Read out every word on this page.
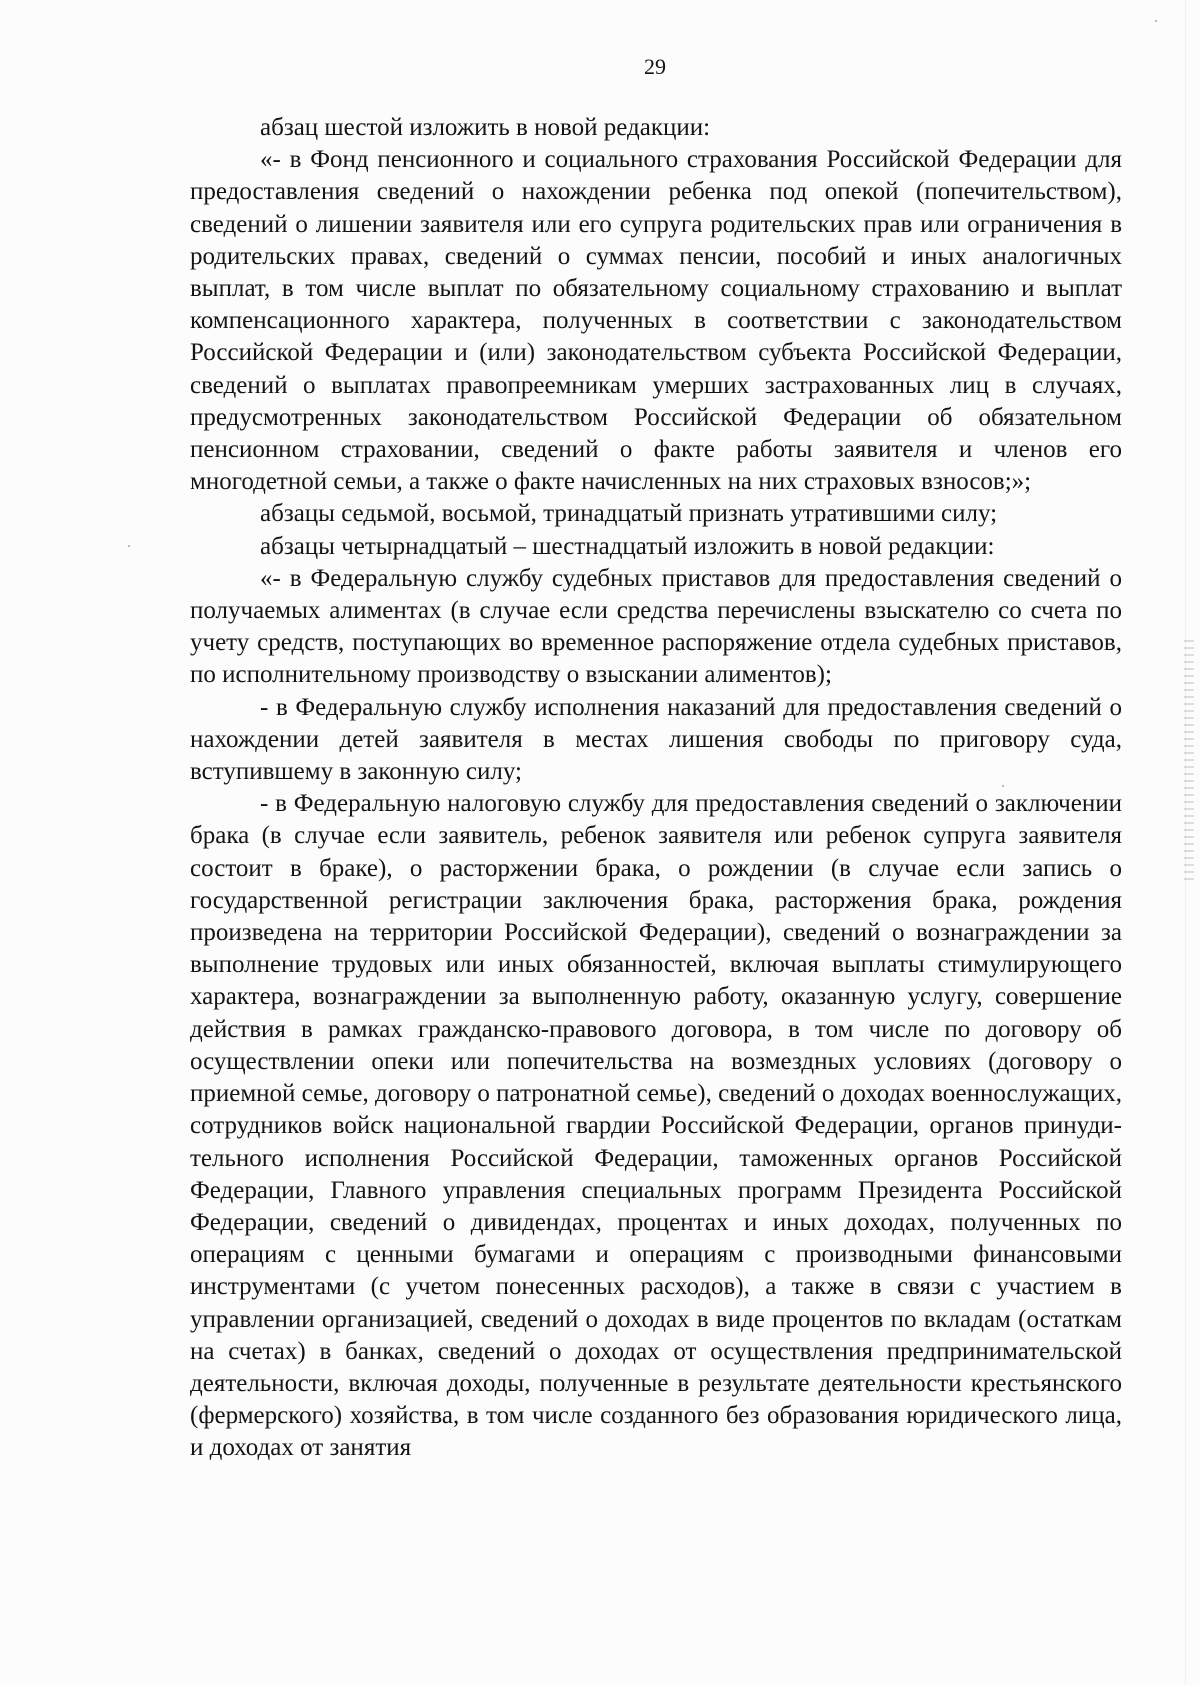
29

абзац шестой изложить в новой редакции:

«- в Фонд пенсионного и социального страхования Российской Федерации для предоставления сведений о нахождении ребенка под опекой (попечительством), сведений о лишении заявителя или его супруга родительских прав или ограничения в родительских правах, сведений о суммах пенсии, пособий и иных аналогичных выплат, в том числе выплат по обязательному социальному страхованию и выплат компенсационного характера, полученных в соответствии с законодательством Российской Федерации и (или) законодательством субъекта Российской Федерации, сведений о выплатах правопреемникам умерших застрахованных лиц в случаях, предусмотренных законодательством Российской Федерации об обязательном пенсионном страховании, сведений о факте работы заявителя и членов его многодетной семьи, а также о факте начисленных на них страховых взносов;»;

абзацы седьмой, восьмой, тринадцатый признать утратившими силу;

абзацы четырнадцатый – шестнадцатый изложить в новой редакции:

«- в Федеральную службу судебных приставов для предоставления сведений о получаемых алиментах (в случае если средства перечислены взыскателю со счета по учету средств, поступающих во временное распоряжение отдела судебных приставов, по исполнительному производству о взыскании алиментов);

- в Федеральную службу исполнения наказаний для предоставления сведений о нахождении детей заявителя в местах лишения свободы по приговору суда, вступившему в законную силу;

- в Федеральную налоговую службу для предоставления сведений о заключении брака (в случае если заявитель, ребенок заявителя или ребенок супруга заявителя состоит в браке), о расторжении брака, о рождении (в случае если запись о государственной регистрации заключения брака, расторжения брака, рождения произведена на территории Российской Федерации), сведений о вознаграждении за выполнение трудовых или иных обязанностей, включая выплаты стимулирующего характера, вознаграждении за выполненную работу, оказанную услугу, совершение действия в рамках гражданско-правового договора, в том числе по договору об осуществлении опеки или попечительства на возмездных условиях (договору о приемной семье, договору о патронатной семье), сведений о доходах военнослужащих, сотрудников войск национальной гвардии Российской Федерации, органов принудительного исполнения Российской Федерации, таможенных органов Российской Федерации, Главного управления специальных программ Президента Российской Федерации, сведений о дивидендах, процентах и иных доходах, полученных по операциям с ценными бумагами и операциям с производными финансовыми инструментами (с учетом понесенных расходов), а также в связи с участием в управлении организацией, сведений о доходах в виде процентов по вкладам (остаткам на счетах) в банках, сведений о доходах от осуществления предпринимательской деятельности, включая доходы, полученные в результате деятельности крестьянского (фермерского) хозяйства, в том числе созданного без образования юридического лица, и доходах от занятия
